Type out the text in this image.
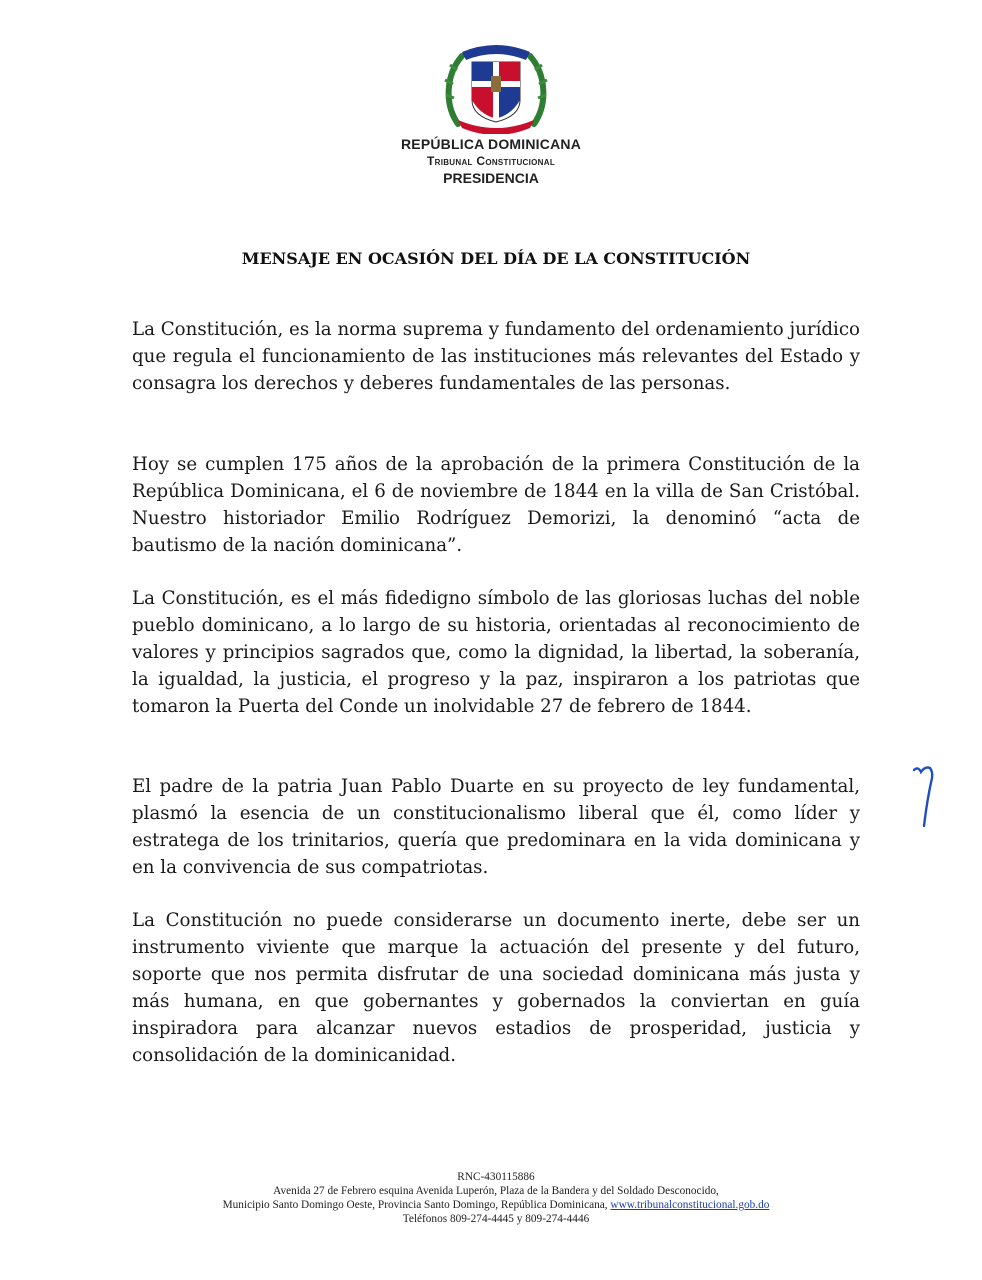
REPÚBLICA DOMINICANA
Tribunal Constitucional
PRESIDENCIA
MENSAJE EN OCASIÓN DEL DÍA DE LA CONSTITUCIÓN

La Constitución, es la norma suprema y fundamento del ordenamiento jurídico que regula el funcionamiento de las instituciones más relevantes del Estado y consagra los derechos y deberes fundamentales de las personas.

Hoy se cumplen 175 años de la aprobación de la primera Constitución de la República Dominicana, el 6 de noviembre de 1844 en la villa de San Cristóbal. Nuestro historiador Emilio Rodríguez Demorizi, la denominó “acta de bautismo de la nación dominicana”.

La Constitución, es el más fidedigno símbolo de las gloriosas luchas del noble pueblo dominicano, a lo largo de su historia, orientadas al reconocimiento de valores y principios sagrados que, como la dignidad, la libertad, la soberanía, la igualdad, la justicia, el progreso y la paz, inspiraron a los patriotas que tomaron la Puerta del Conde un inolvidable 27 de febrero de 1844.

El padre de la patria Juan Pablo Duarte en su proyecto de ley fundamental, plasmó la esencia de un constitucionalismo liberal que él, como líder y estratega de los trinitarios, quería que predominara en la vida dominicana y en la convivencia de sus compatriotas.

La Constitución no puede considerarse un documento inerte, debe ser un instrumento viviente que marque la actuación del presente y del futuro, soporte que nos permita disfrutar de una sociedad dominicana más justa y más humana, en que gobernantes y gobernados la conviertan en guía inspiradora para alcanzar nuevos estadios de prosperidad, justicia y consolidación de la dominicanidad.

RNC-430115886
Avenida 27 de Febrero esquina Avenida Luperón, Plaza de la Bandera y del Soldado Desconocido,
Municipio Santo Domingo Oeste, Provincia Santo Domingo, República Dominicana, www.tribunalconstitucional.gob.do
Teléfonos 809-274-4445 y 809-274-4446
